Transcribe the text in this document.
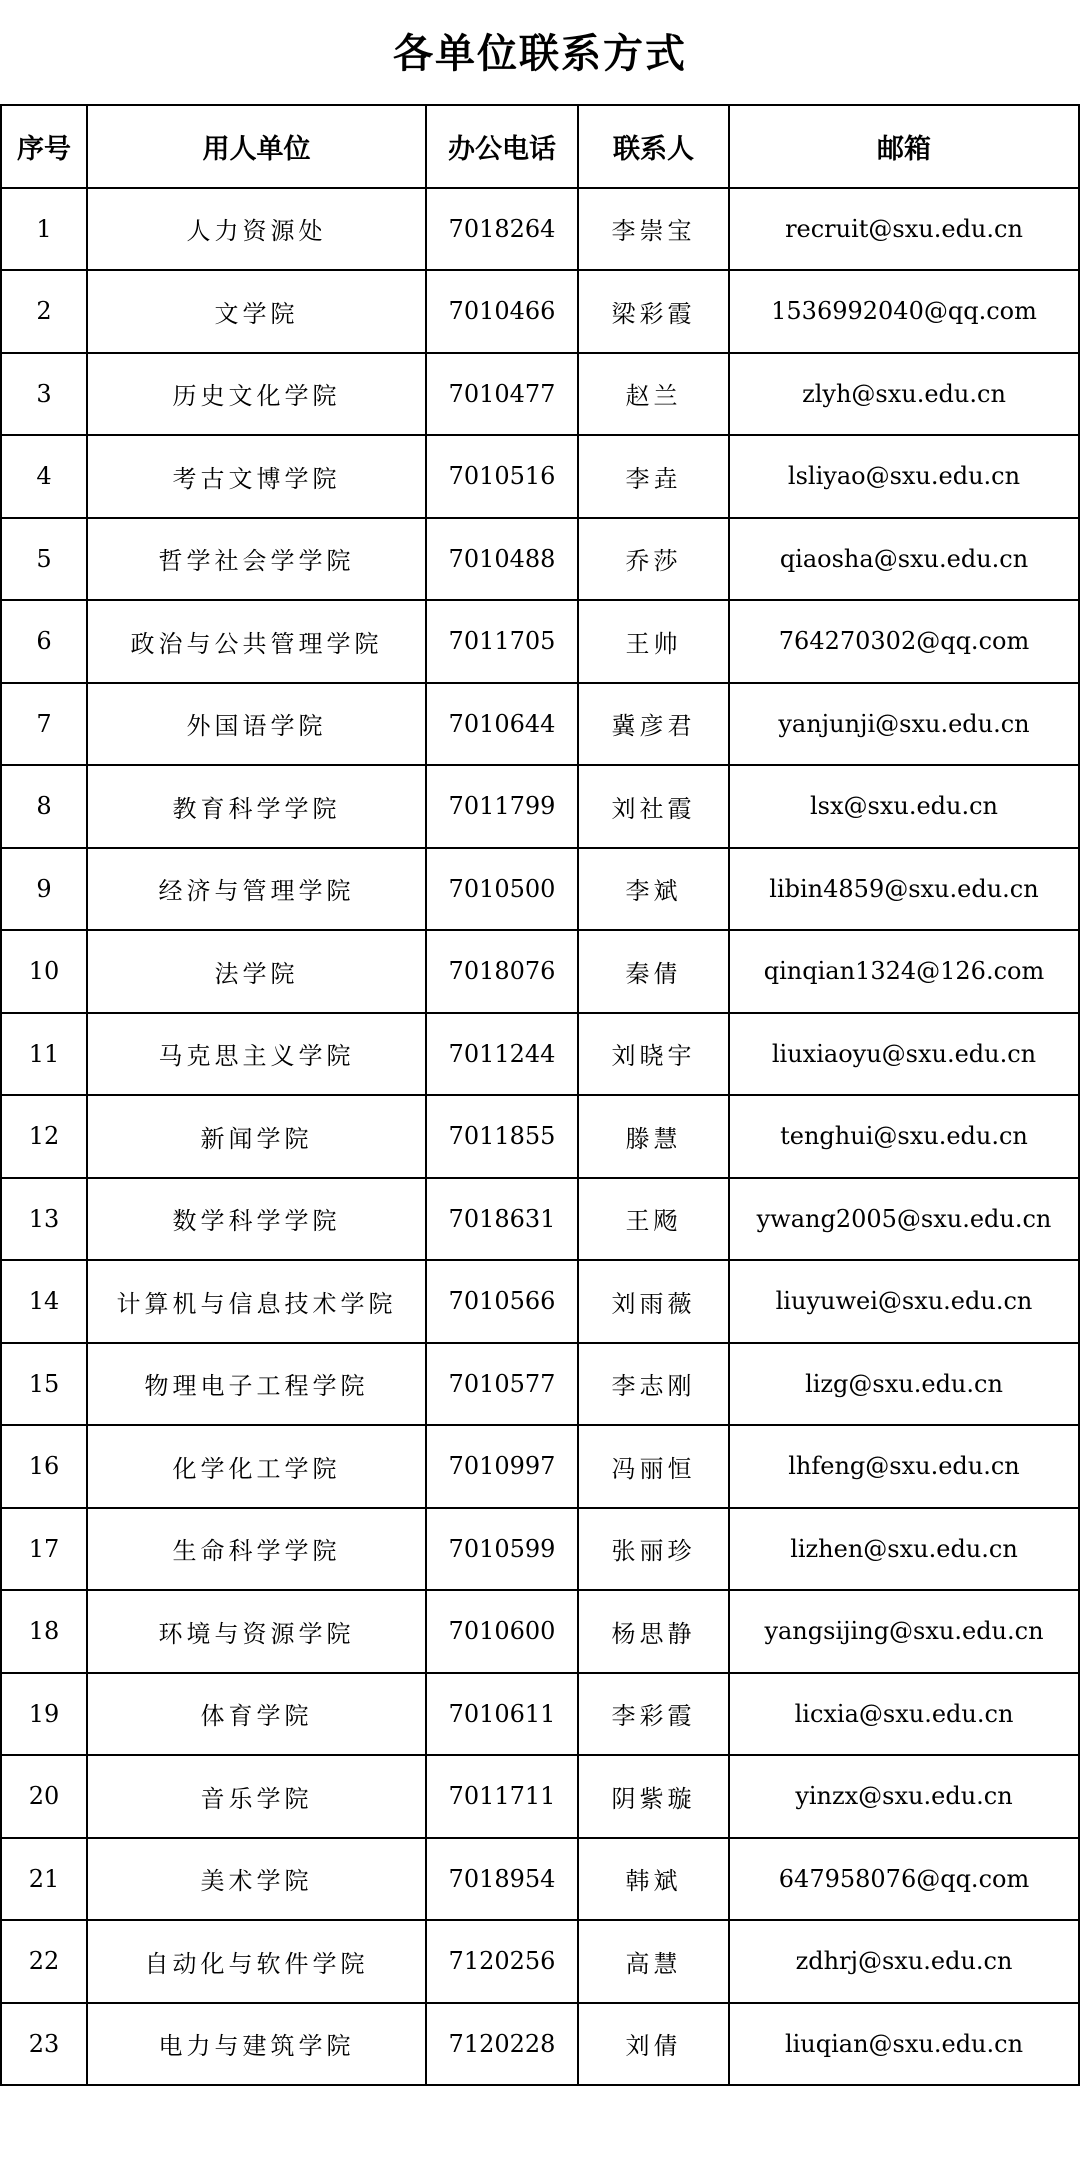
各单位联系方式
序号	用人单位	办公电话	联系人	邮箱
1	人力资源处	7018264	李崇宝	recruit@sxu.edu.cn
2	文学院	7010466	梁彩霞	1536992040@qq.com
3	历史文化学院	7010477	赵兰	zlyh@sxu.edu.cn
4	考古文博学院	7010516	李垚	lsliyao@sxu.edu.cn
5	哲学社会学学院	7010488	乔莎	qiaosha@sxu.edu.cn
6	政治与公共管理学院	7011705	王帅	764270302@qq.com
7	外国语学院	7010644	冀彦君	yanjunji@sxu.edu.cn
8	教育科学学院	7011799	刘社霞	lsx@sxu.edu.cn
9	经济与管理学院	7010500	李斌	libin4859@sxu.edu.cn
10	法学院	7018076	秦倩	qinqian1324@126.com
11	马克思主义学院	7011244	刘晓宇	liuxiaoyu@sxu.edu.cn
12	新闻学院	7011855	滕慧	tenghui@sxu.edu.cn
13	数学科学学院	7018631	王飏	ywang2005@sxu.edu.cn
14	计算机与信息技术学院	7010566	刘雨薇	liuyuwei@sxu.edu.cn
15	物理电子工程学院	7010577	李志刚	lizg@sxu.edu.cn
16	化学化工学院	7010997	冯丽恒	lhfeng@sxu.edu.cn
17	生命科学学院	7010599	张丽珍	lizhen@sxu.edu.cn
18	环境与资源学院	7010600	杨思静	yangsijing@sxu.edu.cn
19	体育学院	7010611	李彩霞	licxia@sxu.edu.cn
20	音乐学院	7011711	阴紫璇	yinzx@sxu.edu.cn
21	美术学院	7018954	韩斌	647958076@qq.com
22	自动化与软件学院	7120256	高慧	zdhrj@sxu.edu.cn
23	电力与建筑学院	7120228	刘倩	liuqian@sxu.edu.cn
